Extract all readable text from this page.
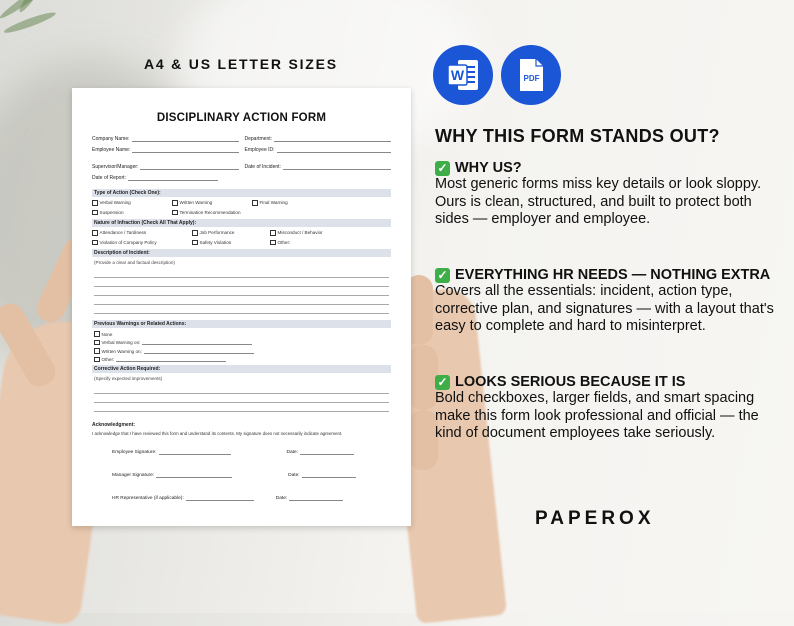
A4 & US LETTER SIZES
DISCIPLINARY ACTION FORM
Company Name:	Department:
Employee Name:	Employee ID:
Supervisor/Manager:	Date of Incident:
Date of Report:
Type of Action (Check One):
Verbal Warning	Written Warning	Final Warning
Suspension	Termination Recommendation
Nature of Infraction (Check All That Apply):
Attendance / Tardiness	Job Performance	Misconduct / Behavior
Violation of Company Policy	Safety Violation	Other:
Description of Incident:
(Provide a clear and factual description)
Previous Warnings or Related Actions:
None
Verbal Warning on:
Written Warning on:
Other:
Corrective Action Required:
(Specify expected improvements)
Acknowledgment:
I acknowledge that I have reviewed this form and understand its contents. My signature does not necessarily indicate agreement.
Employee Signature:	Date:
Manager Signature:	Date:
HR Representative (if applicable):	Date:
W	PDF
WHY THIS FORM STANDS OUT?
✓ WHY US?
Most generic forms miss key details or look sloppy. Ours is clean, structured, and built to protect both sides — employer and employee.
✓ EVERYTHING HR NEEDS — NOTHING EXTRA
Covers all the essentials: incident, action type, corrective plan, and signatures — with a layout that's easy to complete and hard to misinterpret.
✓ LOOKS SERIOUS BECAUSE IT IS
Bold checkboxes, larger fields, and smart spacing make this form look professional and official — the kind of document employees take seriously.
PAPEROX
